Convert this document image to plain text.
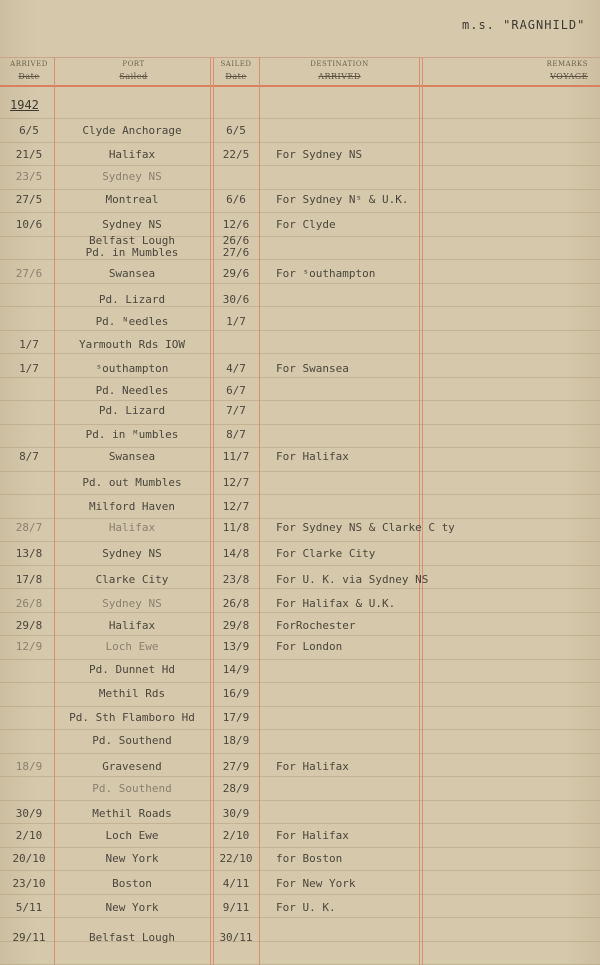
m.s. "RAGNHILD"
ARRIVED
Date
PORT
Sailed
SAILED
Date
DESTINATION
ARRIVED
REMARKS
VOYAGE
1942
6/5	Clyde Anchorage	6/5
21/5	Halifax	22/5	For Sydney NS
23/5	Sydney NS
27/5	Montreal	6/6	For Sydney Nˢ & U.K.
10/6	Sydney NS	12/6	For Clyde
Belfast Lough	26/6
Pd. in Mumbles	27/6
27/6	Swansea	29/6	For ˢouthampton
Pd. Lizard	30/6
Pd. ᴺeedles	1/7
1/7	Yarmouth Rds IOW
1/7	ˢouthampton	4/7	For Swansea
Pd. Needles	6/7
Pd. Lizard	7/7
Pd. in ᴹumbles	8/7
8/7	Swansea	11/7	For Halifax
Pd. out Mumbles	12/7
Milford Haven	12/7
28/7	Halifax	11/8	For Sydney NS & Clarke C ty
13/8	Sydney NS	14/8	For Clarke City
17/8	Clarke City	23/8	For U. K. via Sydney NS
26/8	Sydney NS	26/8	For Halifax & U.K.
29/8	Halifax	29/8	ForRochester
12/9	Loch Ewe	13/9	For London
Pd. Dunnet Hd	14/9
Methil Rds	16/9
Pd. Sth Flamboro Hd	17/9
Pd. Southend	18/9
18/9	Gravesend	27/9	For Halifax
Pd. Southend	28/9
30/9	Methil Roads	30/9
2/10	Loch Ewe	2/10	For Halifax
20/10	New York	22/10	for Boston
23/10	Boston	4/11	For New York
5/11	New York	9/11	For U. K.
29/11	Belfast Lough	30/11
